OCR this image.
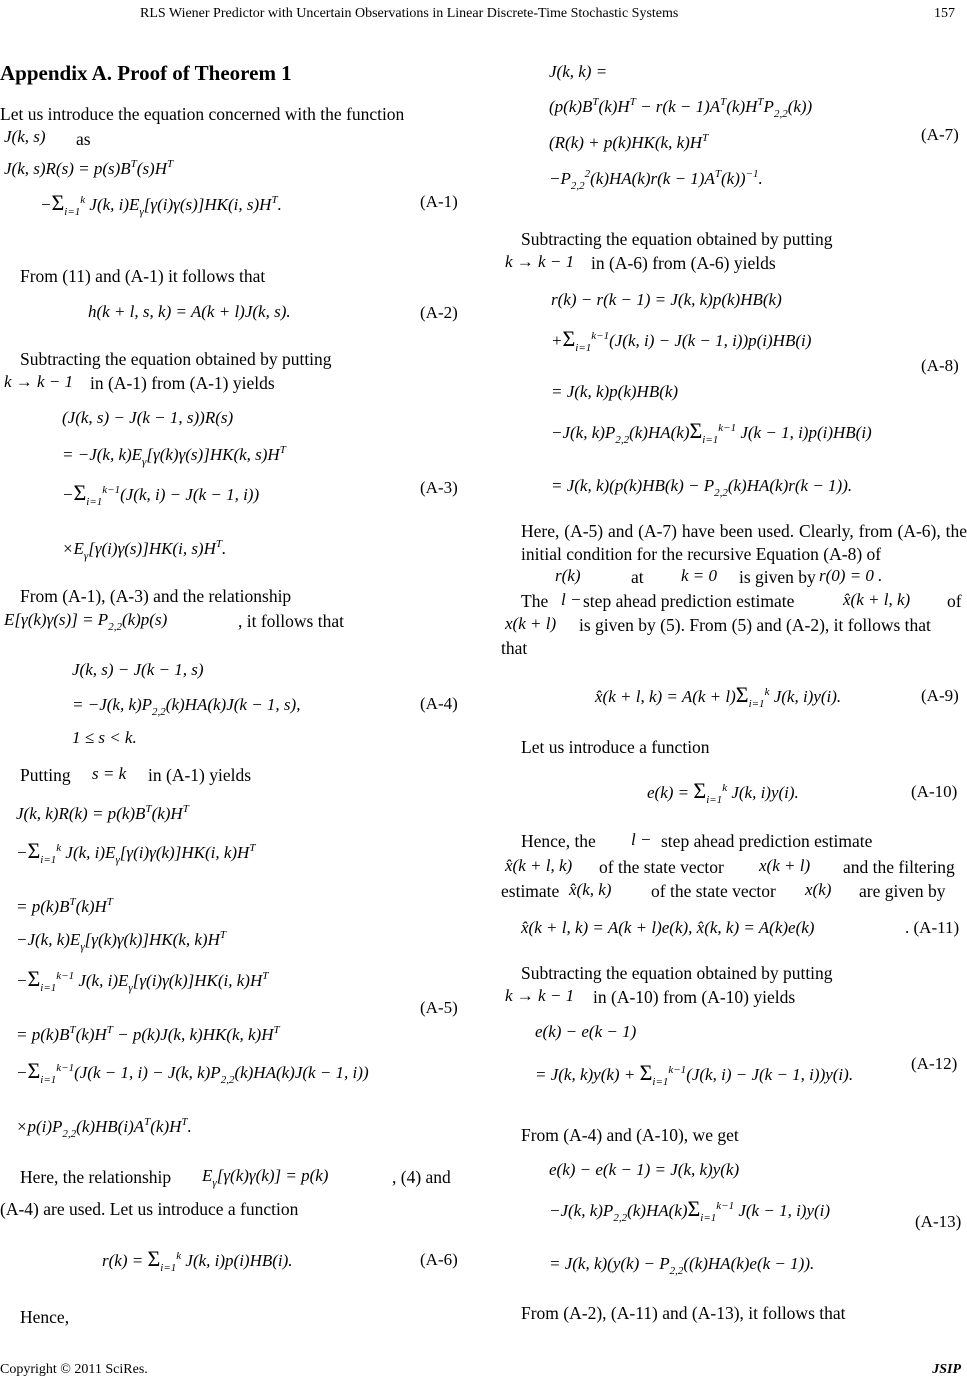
RLS Wiener Predictor with Uncertain Observations in Linear Discrete-Time Stochastic Systems	157
Appendix A. Proof of Theorem 1
Let us introduce the equation concerned with the function
J(k, s) as
J(k, $s)R(s) = p(s)B^T(s)H^T$
$-\Sigma_{i=1}^k$ J(k, $i)E_\gamma[\gamma(i)\gamma(s)]HK(i$, $s)H^T$.	(A-1)
From (11) and (A-1) it follows that
h(k + l, s, k) = A(k + l)J(k, s).	(A-2)
Subtracting the equation obtained by putting
k → k − 1 in (A-1) from (A-1) yields
(J(k, s) − J(k − 1, s))R(s)
= −J(k, $k)E_\gamma[\gamma(k)\gamma(s)]HK(k$, $s)H^T$
$-\Sigma_{i=1}^{k-1}(J(k$, i) − J(k − 1, i))	(A-3)
$\times E_\gamma[\gamma(i)\gamma(s)]HK(i$, $s)H^T$.
From (A-1), (A-3) and the relationship
$E[\gamma(k)\gamma(s)] = P_{2,2}(k)p(s)$	, it follows that
J(k, s) − J(k − 1, s)
= −J(k, $k)P_{2,2}(k)HA(k)J(k - 1$, s),	(A-4)
1 ≤ s < k.
Putting s = k in (A-1) yields
J(k, $k)R(k) = p(k)B^T(k)H^T$
$-\Sigma_{i=1}^k$ J(k, $i)E_\gamma[\gamma(i)\gamma(k)]HK(i$, $k)H^T$
= $p(k)B^T(k)H^T$
−J(k, $k)E_\gamma[\gamma(k)\gamma(k)]HK(k$, $k)H^T$
$-\Sigma_{i=1}^{k-1}$ J(k, $i)E_\gamma[\gamma(i)\gamma(k)]HK(i$, $k)H^T$
(A-5)
= $p(k)B^T(k)H^T - p(k)J(k$, k)HK(k, $k)H^T$
$-\Sigma_{i=1}^{k-1}(J(k - 1$, i) − J(k, $k)P_{2,2}(k)HA(k)J(k - 1$, i))
$\times p(i)P_{2,2}(k)HB(i)A^T(k)H^T$.
Here, the relationship $E_\gamma[\gamma(k)\gamma(k)] = p(k)$	, (4) and
(A-4) are used. Let us introduce a function
$r(k) = \Sigma_{i=1}^k$ J(k, i)p(i)HB(i).	(A-6)
Hence,
J(k, k) =
$(p(k)B^T(k)H^T - r(k - 1)A^T(k)H^TP_{2,2}(k))$
(R(k) + p(k)HK(k, $k)H^T$	(A-7)
$-P_{2,2}^2(k)HA(k)r(k - 1)A^T(k))^{-1}$.
Subtracting the equation obtained by putting
k → k − 1 in (A-6) from (A-6) yields
r(k) − r(k − 1) = J(k, k)p(k)HB(k)
$+\Sigma_{i=1}^{k-1}(J(k$, i) − J(k − 1, i))p(i)HB(i)
= J(k, k)p(k)HB(k)
(A-8)
−J(k, $k)P_{2,2}(k)HA(k)\Sigma_{i=1}^{k-1}$ J(k − 1, i)p(i)HB(i)
= J(k, $k)(p(k)HB(k) - P_{2,2}(k)HA(k)r(k - 1))$.
Here, (A-5) and (A-7) have been used. Clearly, from (A-6), the initial condition for the recursive Equation (A-8) of
r(k)	at k = 0 is given by r(0) = 0 .
The l − step ahead prediction estimate	x̂(k + l, k) of
x(k + l) is given by (5). From (5) and (A-2), it follows that
that
x̂(k + l, $k) = A(k + l)\Sigma_{i=1}^k$ J(k, i)y(i).	(A-9)
Let us introduce a function
$e(k) = \Sigma_{i=1}^k$ J(k, i)y(i).	(A-10)
Hence, the l − step ahead prediction estimate
x̂(k + l, k) of the state vector x(k + l) and the filtering
estimate x̂(k, k) of the state vector x(k) are given by
x̂(k + l, k) = A(k + l)e(k), x̂(k, k) = A(k)e(k)	. (A-11)
Subtracting the equation obtained by putting
k → k − 1 in (A-10) from (A-10) yields
e(k) − e(k − 1)
= J(k, $k)y(k) + \Sigma_{i=1}^{k-1}(J(k$, i) − J(k − 1, i))y(i).
(A-12)
From (A-4) and (A-10), we get
e(k) − e(k − 1) = J(k, k)y(k)
−J(k, $k)P_{2,2}(k)HA(k)\Sigma_{i=1}^{k-1}$ J(k − 1, i)y(i)
(A-13)
= J(k, $k)(y(k) - P_{2,2}((k)HA(k)e(k - 1))$.
From (A-2), (A-11) and (A-13), it follows that
Copyright © 2011 SciRes.	JSIP
